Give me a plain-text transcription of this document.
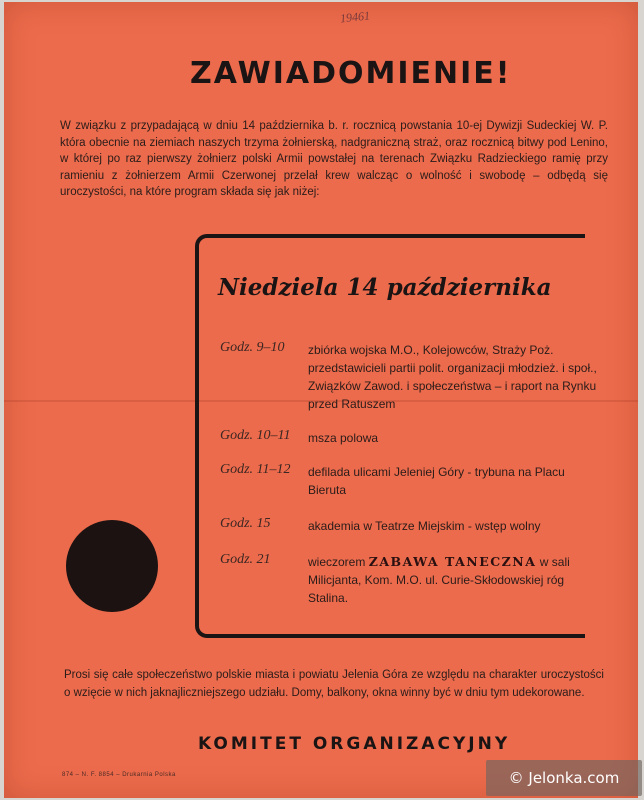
19461
ZAWIADOMIENIE!
W związku z przypadającą w dniu 14 października b. r. rocznicą powstania 10-ej Dywizji Sudeckiej W. P. która obecnie na ziemiach naszych trzyma żołnierską, nadgraniczną straż, oraz rocznicą bitwy pod Lenino, w której po raz pierwszy żołnierz polski Armii powstałej na terenach Związku Radzieckiego ramię przy ramieniu z żołnierzem Armii Czerwonej przelał krew walcząc o wolność i swobodę – odbędą się uroczystości, na które program składa się jak niżej:
Niedziela 14 października
Godz. 9–10	zbiórka wojska M.O., Kolejowców, Straży Poż. przedstawicieli partii polit. organizacji młodzież. i społ., Związków Zawod. i społeczeństwa – i raport na Rynku przed Ratuszem
Godz. 10–11	msza polowa
Godz. 11–12	defilada ulicami Jeleniej Góry - trybuna na Placu Bieruta
Godz. 15	akademia w Teatrze Miejskim - wstęp wolny
Godz. 21	wieczorem ZABAWA TANECZNA w sali Milicjanta, Kom. M.O. ul. Curie-Skłodowskiej róg Stalina.
Prosi się całe społeczeństwo polskie miasta i powiatu Jelenia Góra ze względu na charakter uroczystości o wzięcie w nich jaknajliczniejszego udziału. Domy, balkony, okna winny być w dniu tym udekorowane.
KOMITET ORGANIZACYJNY
874 – N. F. 8854 – Drukarnia Polska	© Jelonka.com
